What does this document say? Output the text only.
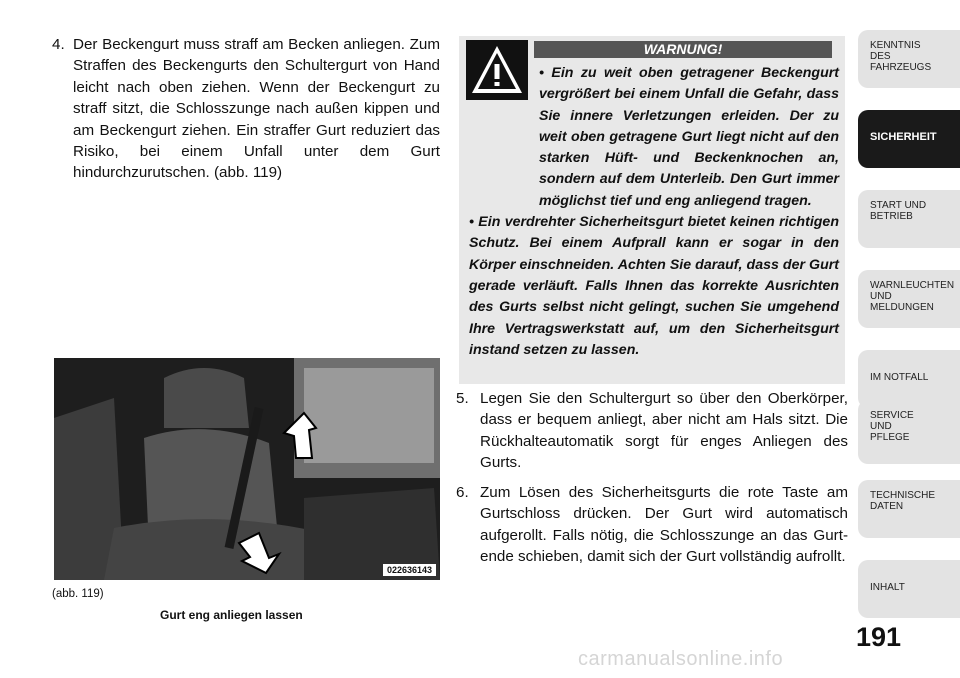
4. Der Beckengurt muss straff am Becken anliegen. Zum Straffen des Beckengurts den Schultergurt von Hand leicht nach oben ziehen. Wenn der Beckengurt zu straff sitzt, die Schlosszunge nach außen kippen und am Beckengurt ziehen. Ein straffer Gurt reduziert das Risiko, bei einem Unfall unter dem Gurt hindurchzurutschen. (abb. 119)
0226361​43
(abb. 119)
Gurt eng anliegen lassen
WARNUNG!

• Ein zu weit oben getragener Beckengurt vergrößert bei einem Unfall die Gefahr, dass Sie innere Verletzungen erleiden. Der zu weit oben getragene Gurt liegt nicht auf den starken Hüft- und Beckenknochen an, sondern auf dem Unterleib. Den Gurt immer möglichst tief und eng anliegend tragen.

• Ein verdrehter Sicherheitsgurt bietet keinen richtigen Schutz. Bei einem Aufprall kann er sogar in den Körper einschneiden. Achten Sie darauf, dass der Gurt gerade verläuft. Falls Ihnen das korrekte Ausrichten des Gurts selbst nicht gelingt, suchen Sie umgehend Ihre Vertragswerkstatt auf, um den Sicherheitsgurt instand setzen zu lassen.

5. Legen Sie den Schultergurt so über den Oberkörper, dass er bequem anliegt, aber nicht am Hals sitzt. Die Rückhalteautomatik sorgt für enges Anliegen des Gurts.
6. Zum Lösen des Sicherheitsgurts die rote Taste am Gurtschloss drücken. Der Gurt wird automatisch aufgerollt. Falls nötig, die Schlosszunge an das Gurtende schieben, damit sich der Gurt vollständig aufrollt.
KENNTNIS
DES
FAHRZEUGS
SICHERHEIT
START UND
BETRIEB
WARNLEUCHTEN
UND
MELDUNGEN
IM NOTFALL
SERVICE
UND
PFLEGE
TECHNISCHE
DATEN
INHALT
191
carmanualsonline.info
